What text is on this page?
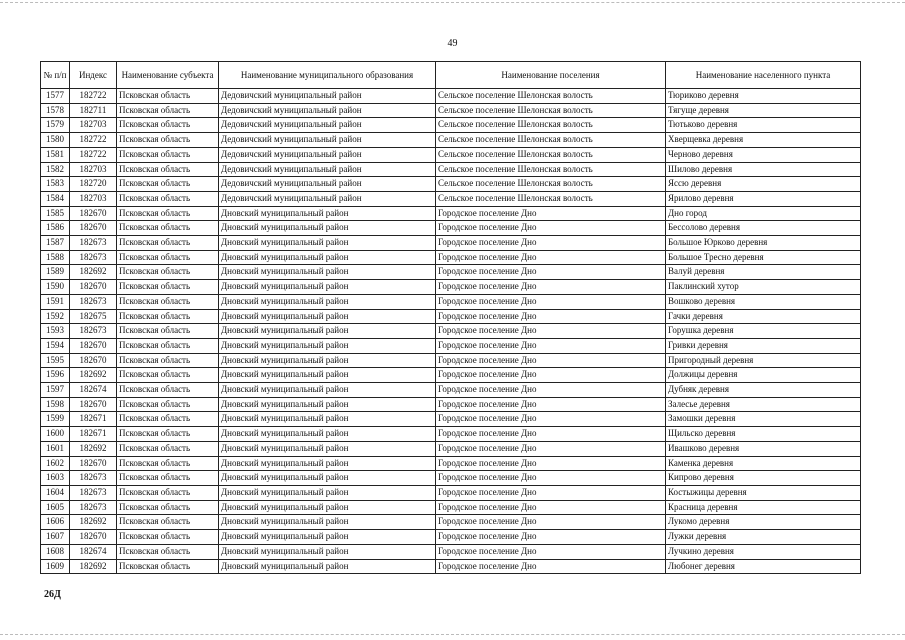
49
№ п/п	Индекс	Наименование субъекта	Наименование муниципального образования	Наименование поселения	Наименование населенного пункта
1577	182722	Псковская область	Дедовичский муниципальный район	Сельское поселение Шелонская волость	Тюриково деревня
1578	182711	Псковская область	Дедовичский муниципальный район	Сельское поселение Шелонская волость	Тягуще деревня
1579	182703	Псковская область	Дедовичский муниципальный район	Сельское поселение Шелонская волость	Тютьково деревня
1580	182722	Псковская область	Дедовичский муниципальный район	Сельское поселение Шелонская волость	Хверщевка деревня
1581	182722	Псковская область	Дедовичский муниципальный район	Сельское поселение Шелонская волость	Черново деревня
1582	182703	Псковская область	Дедовичский муниципальный район	Сельское поселение Шелонская волость	Шилово деревня
1583	182720	Псковская область	Дедовичский муниципальный район	Сельское поселение Шелонская волость	Яссю деревня
1584	182703	Псковская область	Дедовичский муниципальный район	Сельское поселение Шелонская волость	Ярилово деревня
1585	182670	Псковская область	Дновский муниципальный район	Городское поселение Дно	Дно город
1586	182670	Псковская область	Дновский муниципальный район	Городское поселение Дно	Бессолово деревня
1587	182673	Псковская область	Дновский муниципальный район	Городское поселение Дно	Большое Юрково деревня
1588	182673	Псковская область	Дновский муниципальный район	Городское поселение Дно	Большое Тресно деревня
1589	182692	Псковская область	Дновский муниципальный район	Городское поселение Дно	Валуй деревня
1590	182670	Псковская область	Дновский муниципальный район	Городское поселение Дно	Паклинский хутор
1591	182673	Псковская область	Дновский муниципальный район	Городское поселение Дно	Вошково деревня
1592	182675	Псковская область	Дновский муниципальный район	Городское поселение Дно	Гачки деревня
1593	182673	Псковская область	Дновский муниципальный район	Городское поселение Дно	Горушка деревня
1594	182670	Псковская область	Дновский муниципальный район	Городское поселение Дно	Гривки деревня
1595	182670	Псковская область	Дновский муниципальный район	Городское поселение Дно	Пригородный деревня
1596	182692	Псковская область	Дновский муниципальный район	Городское поселение Дно	Должицы деревня
1597	182674	Псковская область	Дновский муниципальный район	Городское поселение Дно	Дубняк деревня
1598	182670	Псковская область	Дновский муниципальный район	Городское поселение Дно	Залесье деревня
1599	182671	Псковская область	Дновский муниципальный район	Городское поселение Дно	Замошки деревня
1600	182671	Псковская область	Дновский муниципальный район	Городское поселение Дно	Щильско деревня
1601	182692	Псковская область	Дновский муниципальный район	Городское поселение Дно	Ивашково деревня
1602	182670	Псковская область	Дновский муниципальный район	Городское поселение Дно	Каменка деревня
1603	182673	Псковская область	Дновский муниципальный район	Городское поселение Дно	Кипрово деревня
1604	182673	Псковская область	Дновский муниципальный район	Городское поселение Дно	Костыжицы деревня
1605	182673	Псковская область	Дновский муниципальный район	Городское поселение Дно	Красница деревня
1606	182692	Псковская область	Дновский муниципальный район	Городское поселение Дно	Лукомо деревня
1607	182670	Псковская область	Дновский муниципальный район	Городское поселение Дно	Лужки деревня
1608	182674	Псковская область	Дновский муниципальный район	Городское поселение Дно	Лучкино деревня
1609	182692	Псковская область	Дновский муниципальный район	Городское поселение Дно	Любонег деревня
26Д
